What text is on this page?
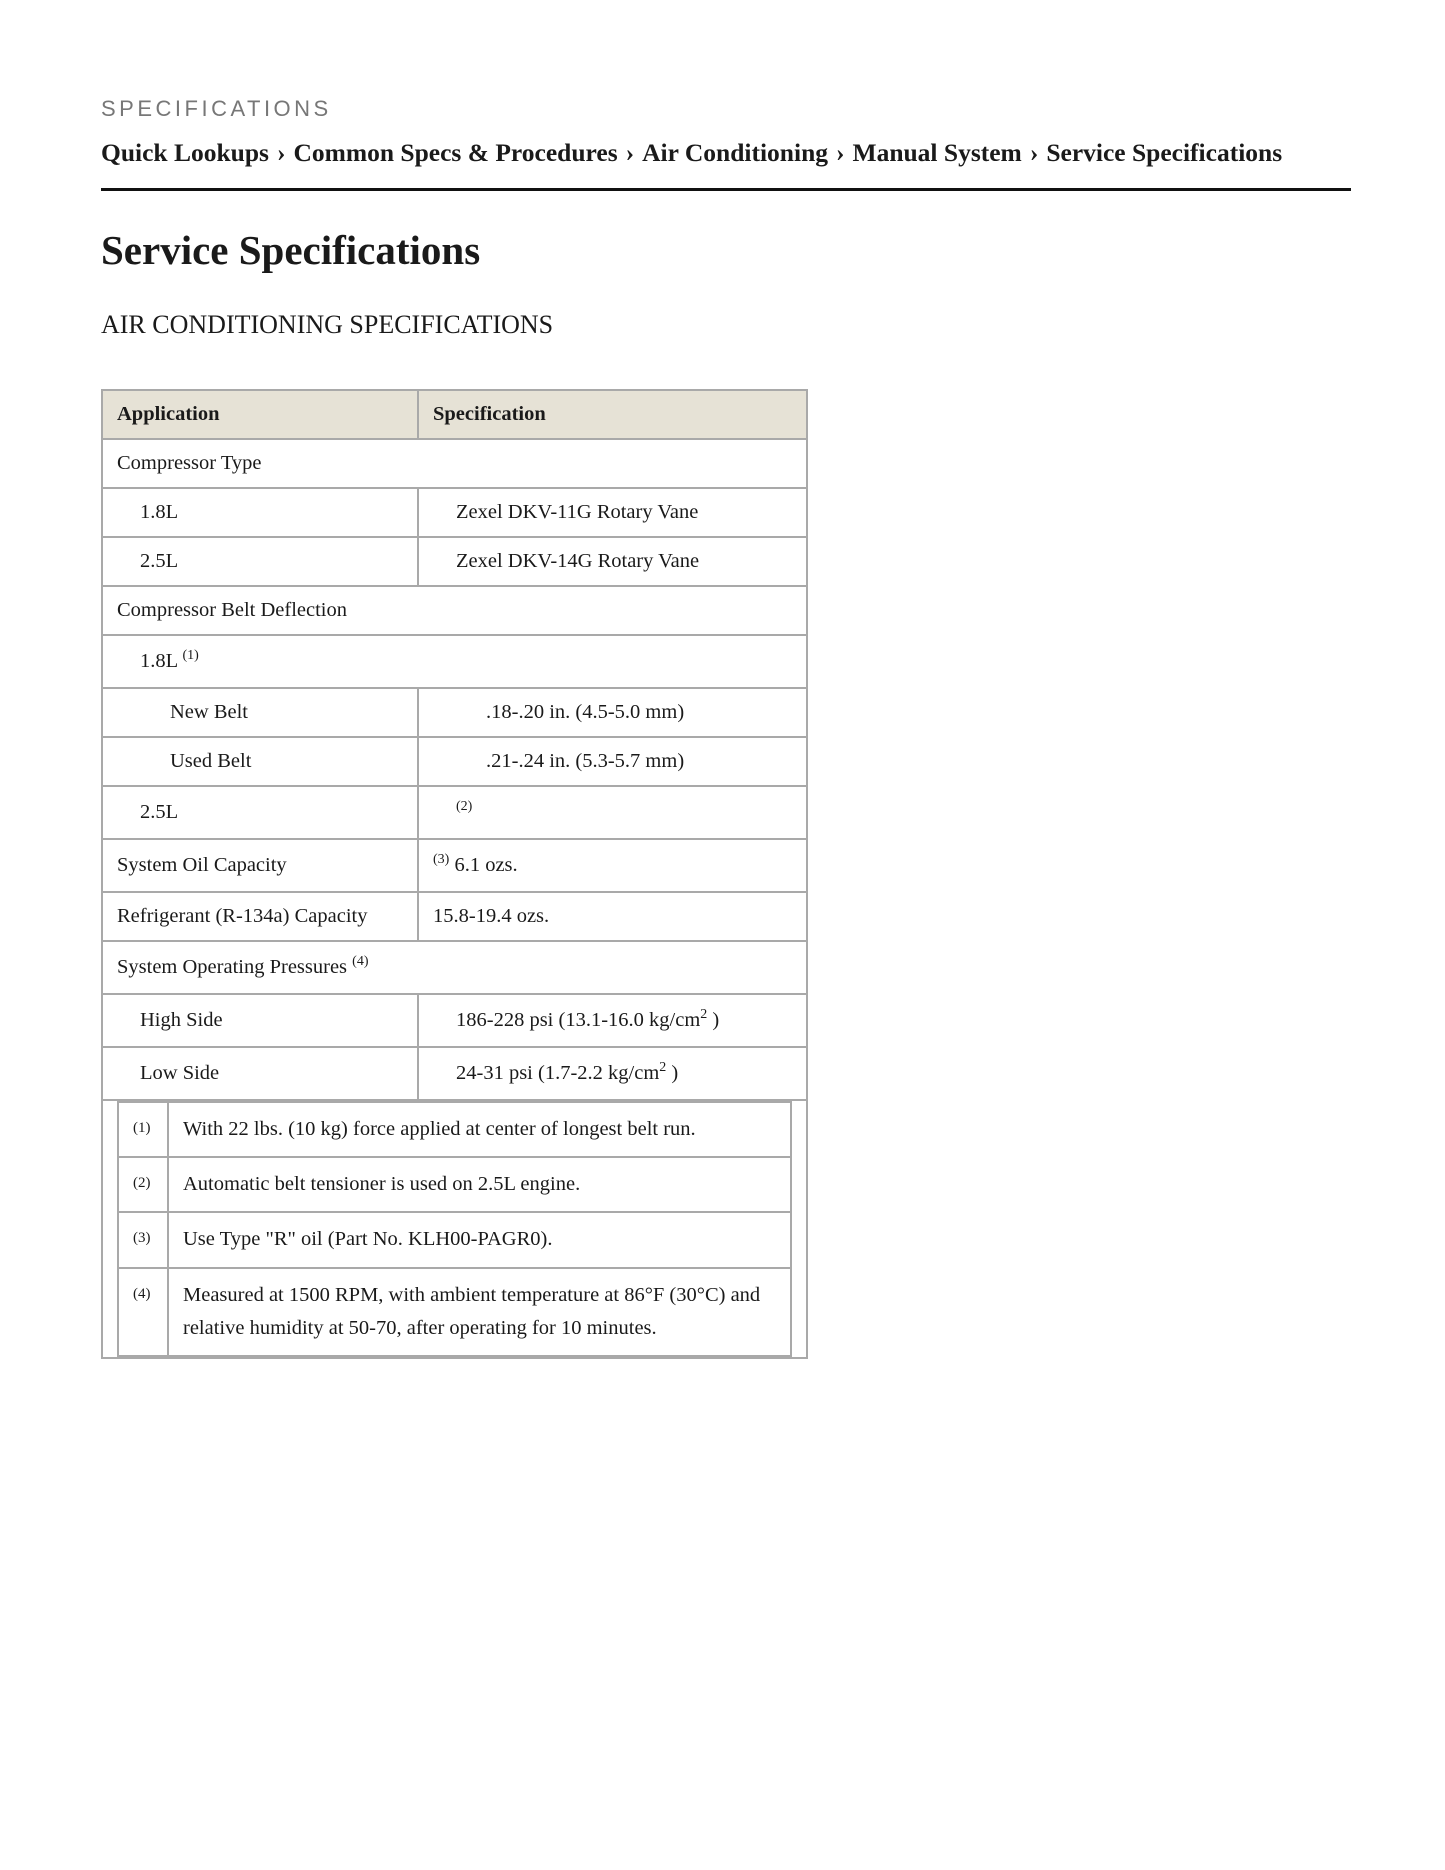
SPECIFICATIONS
Quick Lookups › Common Specs & Procedures › Air Conditioning › Manual System › Service Specifications
Service Specifications
AIR CONDITIONING SPECIFICATIONS
Application	Specification
Compressor Type
1.8L	Zexel DKV-11G Rotary Vane
2.5L	Zexel DKV-14G Rotary Vane
Compressor Belt Deflection
1.8L $^{(1)}$
New Belt	.18-.20 in. (4.5-5.0 mm)
Used Belt	.21-.24 in. (5.3-5.7 mm)
2.5L	$^{(2)}$
System Oil Capacity	$^{(3)}$ 6.1 ozs.
Refrigerant (R-134a) Capacity	15.8-19.4 ozs.
System Operating Pressures $^{(4)}$
High Side	186-228 psi (13.1-16.0 $kg/cm^2$ )
Low Side	24-31 psi (1.7-2.2 $kg/cm^2$ )

(1)	With 22 lbs. (10 kg) force applied at center of longest belt run.
(2)	Automatic belt tensioner is used on 2.5L engine.
(3)	Use Type "R" oil (Part No. KLH00-PAGR0).
(4)	Measured at 1500 RPM, with ambient temperature at 86°F (30°C) and relative humidity at 50-70, after operating for 10 minutes.
